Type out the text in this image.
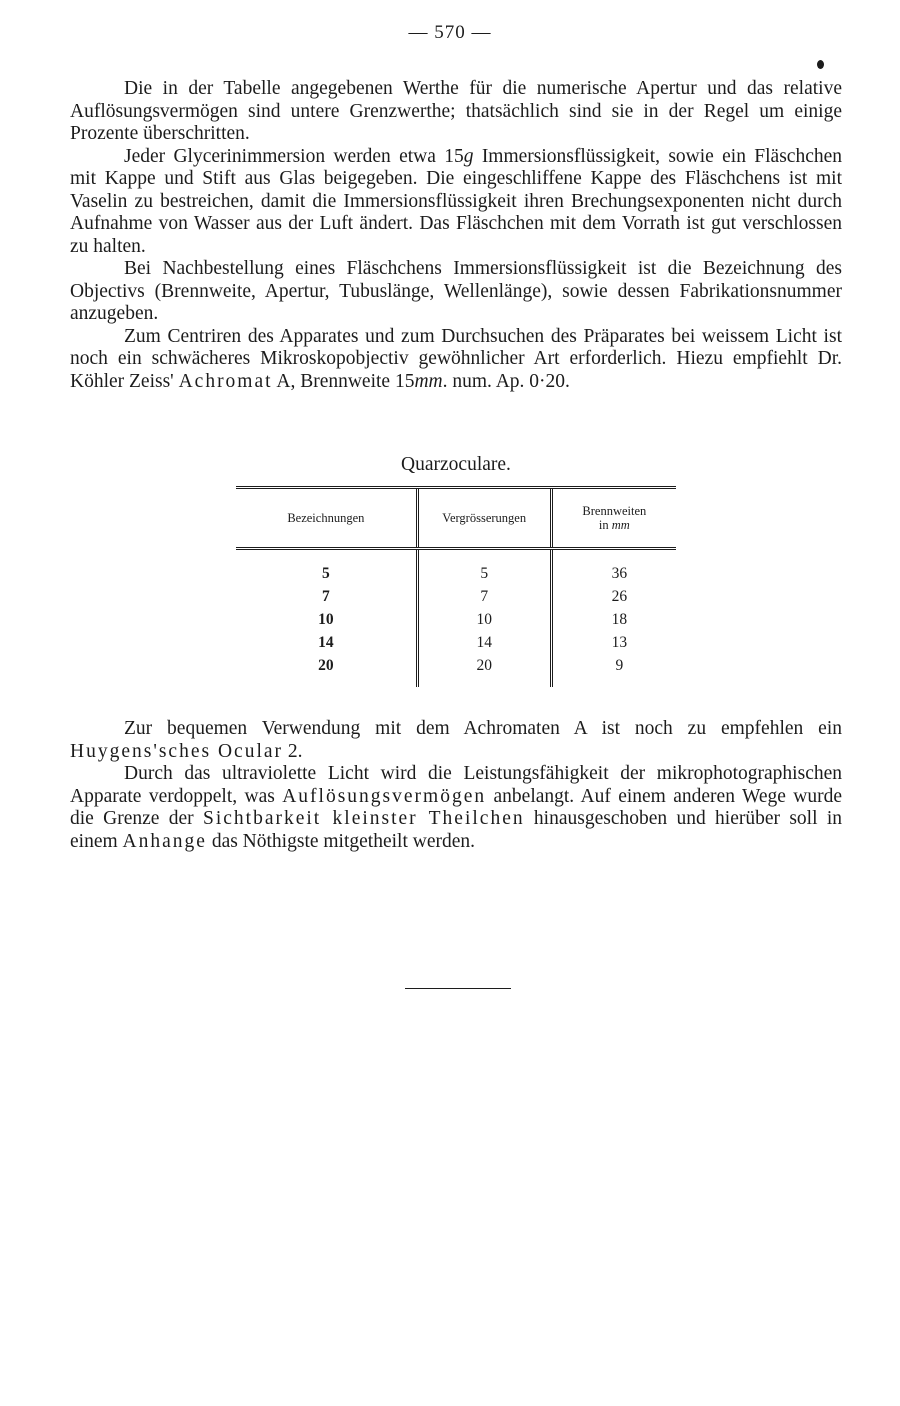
— 570 —

Die in der Tabelle angegebenen Werthe für die numerische Apertur und das relative Auflösungsvermögen sind untere Grenzwerthe; thatsächlich sind sie in der Regel um einige Prozente überschritten.

Jeder Glycerinimmersion werden etwa 15g Immersionsflüssigkeit, sowie ein Fläschchen mit Kappe und Stift aus Glas beigegeben. Die eingeschliffene Kappe des Fläschchens ist mit Vaselin zu bestreichen, damit die Immersionsflüssigkeit ihren Brechungsexponenten nicht durch Aufnahme von Wasser aus der Luft ändert. Das Fläschchen mit dem Vorrath ist gut verschlossen zu halten.

Bei Nachbestellung eines Fläschchens Immersionsflüssigkeit ist die Bezeichnung des Objectivs (Brennweite, Apertur, Tubuslänge, Wellenlänge), sowie dessen Fabrikationsnummer anzugeben.

Zum Centriren des Apparates und zum Durchsuchen des Präparates bei weissem Licht ist noch ein schwächeres Mikroskopobjectiv gewöhnlicher Art erforderlich. Hiezu empfiehlt Dr. Köhler Zeiss' Achromat A, Brennweite 15mm. num. Ap. 0·20.

Quarzoculare.
Bezeichnungen	Vergrösserungen	Brennweiten
in mm
5	5	36
7	7	26
10	10	18
14	14	13
20	20	9

Zur bequemen Verwendung mit dem Achromaten A ist noch zu empfehlen ein Huygens'sches Ocular 2.

Durch das ultraviolette Licht wird die Leistungsfähigkeit der mikrophotographischen Apparate verdoppelt, was Auflösungsvermögen anbelangt. Auf einem anderen Wege wurde die Grenze der Sichtbarkeit kleinster Theilchen hinausgeschoben und hierüber soll in einem Anhange das Nöthigste mitgetheilt werden.
